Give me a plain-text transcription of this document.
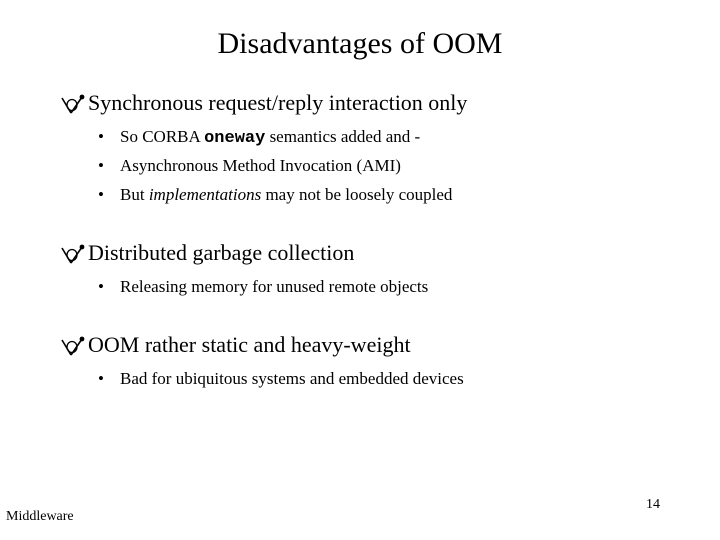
Disadvantages of OOM
Synchronous request/reply interaction only
• So CORBA oneway semantics added and -
• Asynchronous Method Invocation (AMI)
• But implementations may not be loosely coupled
Distributed garbage collection
• Releasing memory for unused remote objects
OOM rather static and heavy-weight
• Bad for ubiquitous systems and embedded devices
Middleware
14
